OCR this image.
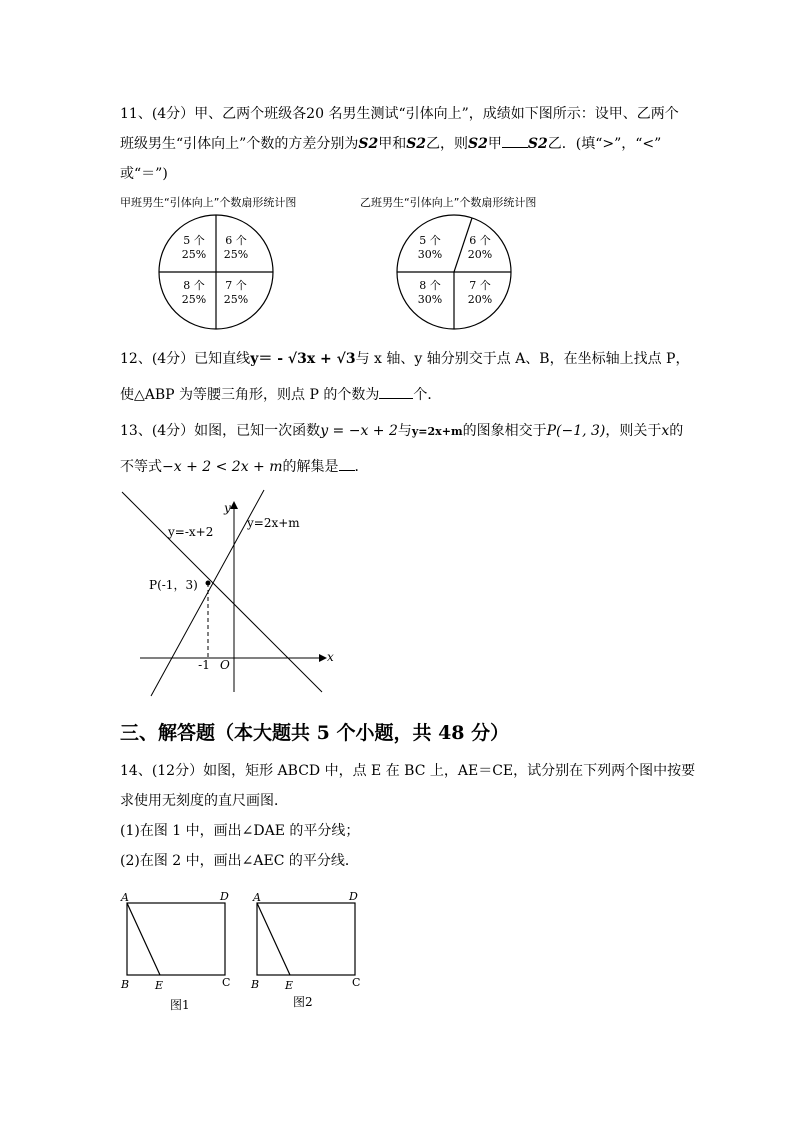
11、(4分）甲、乙两个班级各20 名男生测试“引体向上”，成绩如下图所示：设甲、乙两个
班级男生“引体向上”个数的方差分别为S2甲和S2乙，则S2甲 S2乙．(填“>”，“<”
或“＝”)
甲班男生“引体向上”个数扇形统计图	乙班男生“引体向上”个数扇形统计图
5 个
25%
6 个
25%
8 个
25%
7 个
25%
5 个
30%
6 个
20%
8 个
30%
7 个
20%
y=-x+2
y=2x+m
P(-1，3)
y
x
O
-1
A	D
B E	C
图1
A	D
B E	C
图2
12、(4分）已知直线y＝ - √3x + √3与 x 轴、y 轴分别交于点 A、B，在坐标轴上找点 P，
使△ABP 为等腰三角形，则点 P 的个数为 个．
13、(4分）如图，已知一次函数y = −x + 2与y=2x+m的图象相交于P(−1, 3)，则关于x的
不等式−x + 2 < 2x + m的解集是 ．
三、解答题（本大题共 5 个小题，共 48 分）
14、(12分）如图，矩形 ABCD 中，点 E 在 BC 上，AE＝CE，试分别在下列两个图中按要
求使用无刻度的直尺画图．
(1)在图 1 中，画出∠DAE 的平分线；
(2)在图 2 中，画出∠AEC 的平分线．
